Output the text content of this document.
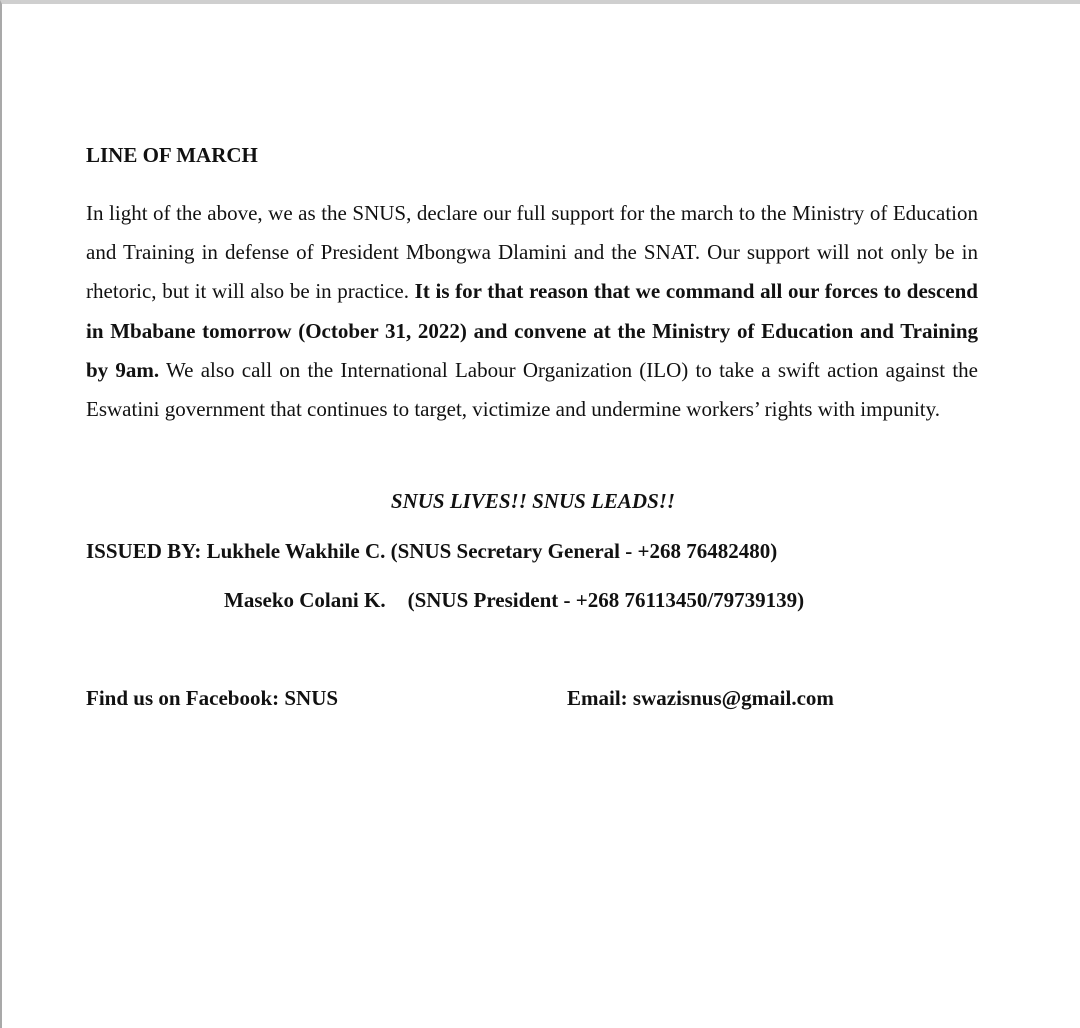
LINE OF MARCH

In light of the above, we as the SNUS, declare our full support for the march to the Ministry of Education and Training in defense of President Mbongwa Dlamini and the SNAT. Our support will not only be in rhetoric, but it will also be in practice. It is for that reason that we command all our forces to descend in Mbabane tomorrow (October 31, 2022) and convene at the Ministry of Education and Training by 9am. We also call on the International Labour Organization (ILO) to take a swift action against the Eswatini government that continues to target, victimize and undermine workers’ rights with impunity.

SNUS LIVES!! SNUS LEADS!!

ISSUED BY: Lukhele Wakhile C. (SNUS Secretary General - +268 76482480)

Maseko Colani K. (SNUS President - +268 76113450/79739139)

Find us on Facebook: SNUS	Email: swazisnus@gmail.com
